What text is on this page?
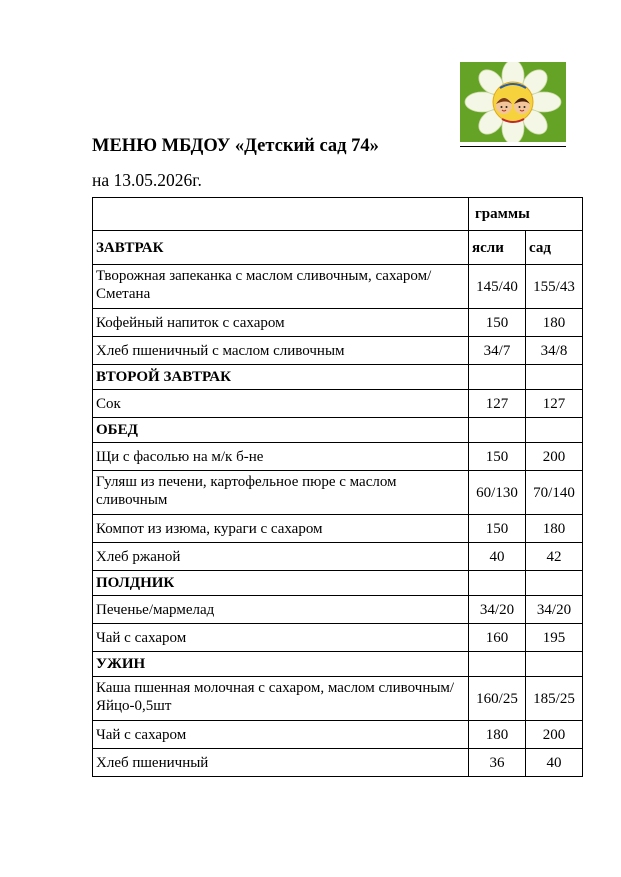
МЕНЮ МБДОУ «Детский сад 74»
на 13.05.2026г.
	граммы	
ЗАВТРАК	ясли	сад
Творожная запеканка с маслом сливочным, сахаром/Сметана	145/40	155/43
Кофейный напиток с сахаром	150	180
Хлеб пшеничный с маслом сливочным	34/7	34/8
ВТОРОЙ ЗАВТРАК		
Сок	127	127
ОБЕД		
Щи с фасолью на м/к б-не	150	200
Гуляш из печени, картофельное пюре с маслом сливочным	60/130	70/140
Компот из изюма, кураги с сахаром	150	180
Хлеб ржаной	40	42
ПОЛДНИК		
Печенье/мармелад	34/20	34/20
Чай с сахаром	160	195
УЖИН		
Каша пшенная молочная с сахаром, маслом сливочным/Яйцо-0,5шт	160/25	185/25
Чай с сахаром	180	200
Хлеб пшеничный	36	40
